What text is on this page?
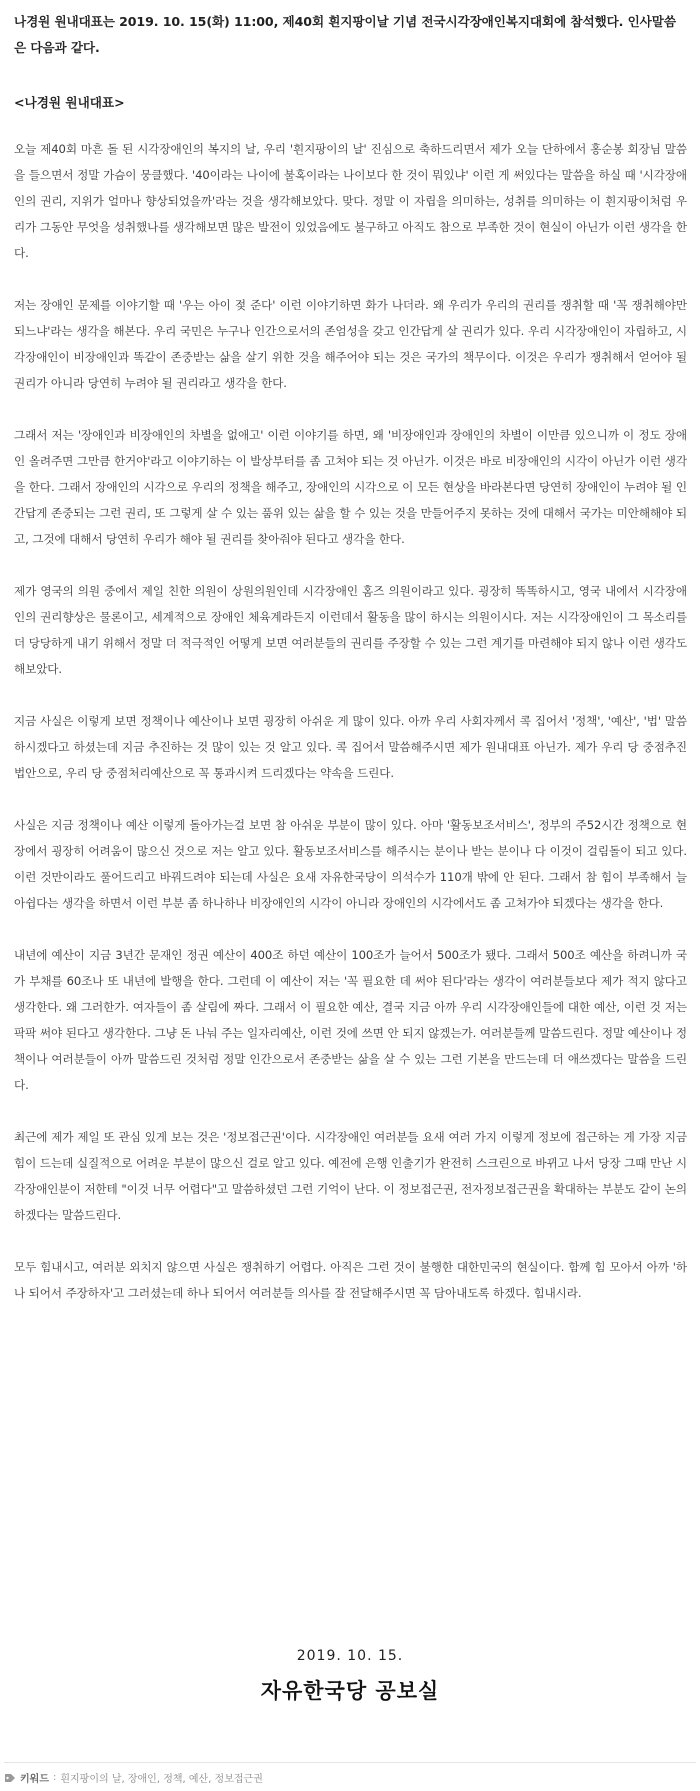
나경원 원내대표는 2019. 10. 15(화) 11:00, 제40회 흰지팡이날 기념 전국시각장애인복지대회에 참석했다. 인사말씀은 다음과 같다.
<나경원 원내대표>

오늘 제40회 마흔 돌 된 시각장애인의 복지의 날, 우리 '흰지팡이의 날' 진심으로 축하드리면서 제가 오늘 단하에서 홍순봉 회장님 말씀을 들으면서 정말 가슴이 뭉클했다. '40이라는 나이에 불혹이라는 나이보다 한 것이 뭐있냐' 이런 게 써있다는 말씀을 하실 때 '시각장애인의 권리, 지위가 얼마나 향상되었을까'라는 것을 생각해보았다. 맞다. 정말 이 자립을 의미하는, 성취를 의미하는 이 흰지팡이처럼 우리가 그동안 무엇을 성취했나를 생각해보면 많은 발전이 있었음에도 불구하고 아직도 참으로 부족한 것이 현실이 아닌가 이런 생각을 한다.

저는 장애인 문제를 이야기할 때 '우는 아이 젖 준다' 이런 이야기하면 화가 나더라. 왜 우리가 우리의 권리를 쟁취할 때 '꼭 쟁취해야만 되느냐'라는 생각을 해본다. 우리 국민은 누구나 인간으로서의 존엄성을 갖고 인간답게 살 권리가 있다. 우리 시각장애인이 자립하고, 시각장애인이 비장애인과 똑같이 존중받는 삶을 살기 위한 것을 해주어야 되는 것은 국가의 책무이다. 이것은 우리가 쟁취해서 얻어야 될 권리가 아니라 당연히 누려야 될 권리라고 생각을 한다.

그래서 저는 '장애인과 비장애인의 차별을 없애고' 이런 이야기를 하면, 왜 '비장애인과 장애인의 차별이 이만큼 있으니까 이 정도 장애인 올려주면 그만큼 한거야'라고 이야기하는 이 발상부터를 좀 고쳐야 되는 것 아닌가. 이것은 바로 비장애인의 시각이 아닌가 이런 생각을 한다. 그래서 장애인의 시각으로 우리의 정책을 해주고, 장애인의 시각으로 이 모든 현상을 바라본다면 당연히 장애인이 누려야 될 인간답게 존중되는 그런 권리, 또 그렇게 살 수 있는 품위 있는 삶을 할 수 있는 것을 만들어주지 못하는 것에 대해서 국가는 미안해해야 되고, 그것에 대해서 당연히 우리가 해야 될 권리를 찾아줘야 된다고 생각을 한다.

제가 영국의 의원 중에서 제일 친한 의원이 상원의원인데 시각장애인 홈즈 의원이라고 있다. 굉장히 똑똑하시고, 영국 내에서 시각장애인의 권리향상은 물론이고, 세계적으로 장애인 체육계라든지 이런데서 활동을 많이 하시는 의원이시다. 저는 시각장애인이 그 목소리를 더 당당하게 내기 위해서 정말 더 적극적인 어떻게 보면 여러분들의 권리를 주장할 수 있는 그런 계기를 마련해야 되지 않나 이런 생각도 해보았다.

지금 사실은 이렇게 보면 정책이나 예산이나 보면 굉장히 아쉬운 게 많이 있다. 아까 우리 사회자께서 콕 집어서 '정책', '예산', '법' 말씀하시겠다고 하셨는데 지금 추진하는 것 많이 있는 것 알고 있다. 콕 집어서 말씀해주시면 제가 원내대표 아닌가. 제가 우리 당 중점추진법안으로, 우리 당 중점처리예산으로 꼭 통과시켜 드리겠다는 약속을 드린다.

사실은 지금 정책이나 예산 이렇게 돌아가는걸 보면 참 아쉬운 부분이 많이 있다. 아마 '활동보조서비스', 정부의 주52시간 정책으로 현장에서 굉장히 어려움이 많으신 것으로 저는 알고 있다. 활동보조서비스를 해주시는 분이나 받는 분이나 다 이것이 걸림돌이 되고 있다. 이런 것만이라도 풀어드리고 바꿔드려야 되는데 사실은 요새 자유한국당이 의석수가 110개 밖에 안 된다. 그래서 참 힘이 부족해서 늘 아쉽다는 생각을 하면서 이런 부분 좀 하나하나 비장애인의 시각이 아니라 장애인의 시각에서도 좀 고쳐가야 되겠다는 생각을 한다.

내년에 예산이 지금 3년간 문재인 정권 예산이 400조 하던 예산이 100조가 늘어서 500조가 됐다. 그래서 500조 예산을 하려니까 국가 부채를 60조나 또 내년에 발행을 한다. 그런데 이 예산이 저는 '꼭 필요한 데 써야 된다'라는 생각이 여러분들보다 제가 적지 않다고 생각한다. 왜 그러한가. 여자들이 좀 살림에 짜다. 그래서 이 필요한 예산, 결국 지금 아까 우리 시각장애인들에 대한 예산, 이런 것 저는 팍팍 써야 된다고 생각한다. 그냥 돈 나눠 주는 일자리예산, 이런 것에 쓰면 안 되지 않겠는가. 여러분들께 말씀드린다. 정말 예산이나 정책이나 여러분들이 아까 말씀드린 것처럼 정말 인간으로서 존중받는 삶을 살 수 있는 그런 기본을 만드는데 더 애쓰겠다는 말씀을 드린다.

최근에 제가 제일 또 관심 있게 보는 것은 '정보접근권'이다. 시각장애인 여러분들 요새 여러 가지 이렇게 정보에 접근하는 게 가장 지금 힘이 드는데 실질적으로 어려운 부분이 많으신 걸로 알고 있다. 예전에 은행 인출기가 완전히 스크린으로 바뀌고 나서 당장 그때 만난 시각장애인분이 저한테 "이것 너무 어렵다"고 말씀하셨던 그런 기억이 난다. 이 정보접근권, 전자정보접근권을 확대하는 부분도 같이 논의하겠다는 말씀드린다.

모두 힘내시고, 여러분 외치지 않으면 사실은 쟁취하기 어렵다. 아직은 그런 것이 불행한 대한민국의 현실이다. 함께 힘 모아서 아까 '하나 되어서 주장하자'고 그러셨는데 하나 되어서 여러분들 의사를 잘 전달해주시면 꼭 담아내도록 하겠다. 힘내시라.

2019. 10. 15.
자유한국당 공보실
키워드 : 흰지팡이의 날, 장애인, 정책, 예산, 정보접근권
